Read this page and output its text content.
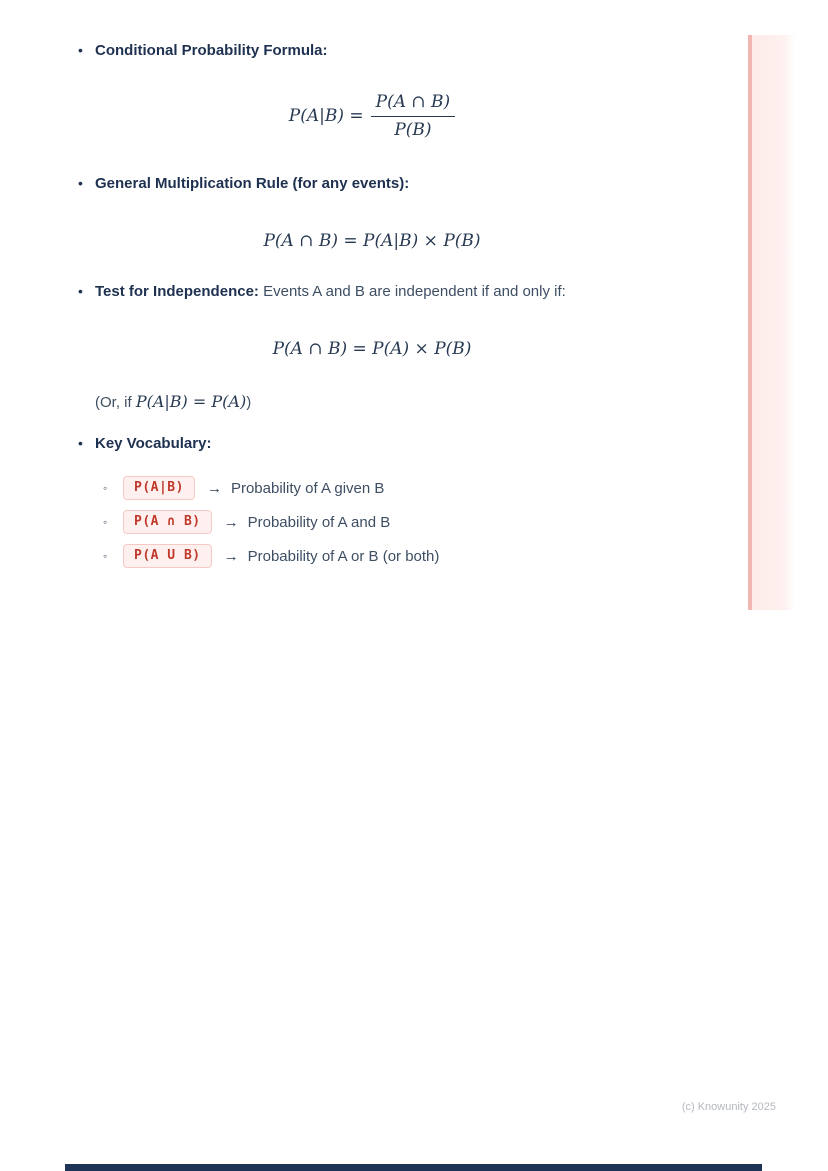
• Conditional Probability Formula:
$P(A|B) = \frac{P(A \cap B)}{P(B)}$
• General Multiplication Rule (for any events):
P(A ∩ B) = P(A|B) × P(B)
• Test for Independence: Events A and B are independent if and only if:
P(A ∩ B) = P(A) × P(B)
(Or, if P(A|B) = P(A))
• Key Vocabulary:
◦	P(A|B)	→ Probability of A given B
◦	P(A ∩ B)	→ Probability of A and B
◦	P(A U B)	→ Probability of A or B (or both)
(c) Knowunity 2025
